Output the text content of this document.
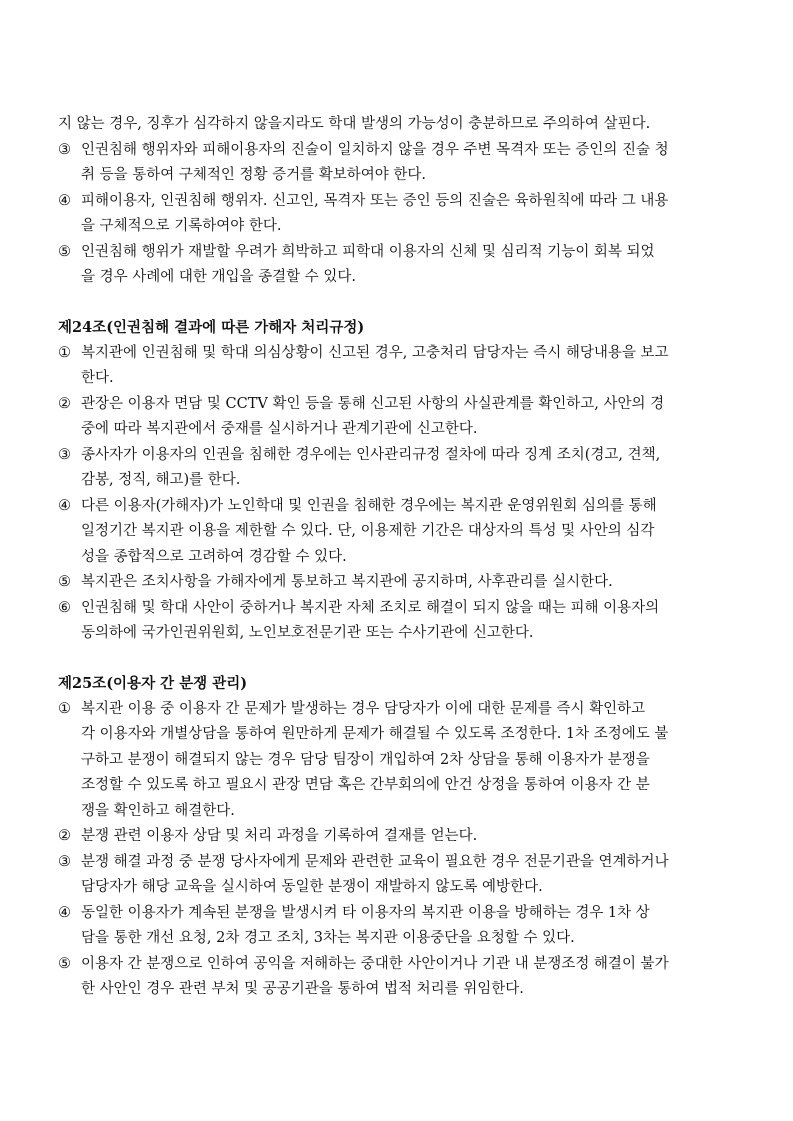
지 않는 경우, 징후가 심각하지 않을지라도 학대 발생의 가능성이 충분하므로 주의하여 살핀다.
③ 인권침해 행위자와 피해이용자의 진술이 일치하지 않을 경우 주변 목격자 또는 증인의 진술 청
취 등을 통하여 구체적인 정황 증거를 확보하여야 한다.
④ 피해이용자, 인권침해 행위자. 신고인, 목격자 또는 증인 등의 진술은 육하원칙에 따라 그 내용
을 구체적으로 기록하여야 한다.
⑤ 인권침해 행위가 재발할 우려가 희박하고 피학대 이용자의 신체 및 심리적 기능이 회복 되었
을 경우 사례에 대한 개입을 종결할 수 있다.
제24조(인권침해 결과에 따른 가해자 처리규정)
① 복지관에 인권침해 및 학대 의심상황이 신고된 경우, 고충처리 담당자는 즉시 해당내용을 보고
한다.
② 관장은 이용자 면담 및 CCTV 확인 등을 통해 신고된 사항의 사실관계를 확인하고, 사안의 경
중에 따라 복지관에서 중재를 실시하거나 관계기관에 신고한다.
③ 종사자가 이용자의 인권을 침해한 경우에는 인사관리규정 절차에 따라 징계 조치(경고, 견책,
감봉, 정직, 해고)를 한다.
④ 다른 이용자(가해자)가 노인학대 및 인권을 침해한 경우에는 복지관 운영위원회 심의를 통해
일정기간 복지관 이용을 제한할 수 있다. 단, 이용제한 기간은 대상자의 특성 및 사안의 심각
성을 종합적으로 고려하여 경감할 수 있다.
⑤ 복지관은 조치사항을 가해자에게 통보하고 복지관에 공지하며, 사후관리를 실시한다.
⑥ 인권침해 및 학대 사안이 중하거나 복지관 자체 조치로 해결이 되지 않을 때는 피해 이용자의
동의하에 국가인권위원회, 노인보호전문기관 또는 수사기관에 신고한다.
제25조(이용자 간 분쟁 관리)
① 복지관 이용 중 이용자 간 문제가 발생하는 경우 담당자가 이에 대한 문제를 즉시 확인하고
각 이용자와 개별상담을 통하여 원만하게 문제가 해결될 수 있도록 조정한다. 1차 조정에도 불
구하고 분쟁이 해결되지 않는 경우 담당 팀장이 개입하여 2차 상담을 통해 이용자가 분쟁을
조정할 수 있도록 하고 필요시 관장 면담 혹은 간부회의에 안건 상정을 통하여 이용자 간 분
쟁을 확인하고 해결한다.
② 분쟁 관련 이용자 상담 및 처리 과정을 기록하여 결재를 얻는다.
③ 분쟁 해결 과정 중 분쟁 당사자에게 문제와 관련한 교육이 필요한 경우 전문기관을 연계하거나
담당자가 해당 교육을 실시하여 동일한 분쟁이 재발하지 않도록 예방한다.
④ 동일한 이용자가 계속된 분쟁을 발생시켜 타 이용자의 복지관 이용을 방해하는 경우 1차 상
담을 통한 개선 요청, 2차 경고 조치, 3차는 복지관 이용중단을 요청할 수 있다.
⑤ 이용자 간 분쟁으로 인하여 공익을 저해하는 중대한 사안이거나 기관 내 분쟁조정 해결이 불가
한 사안인 경우 관련 부처 및 공공기관을 통하여 법적 처리를 위임한다.
